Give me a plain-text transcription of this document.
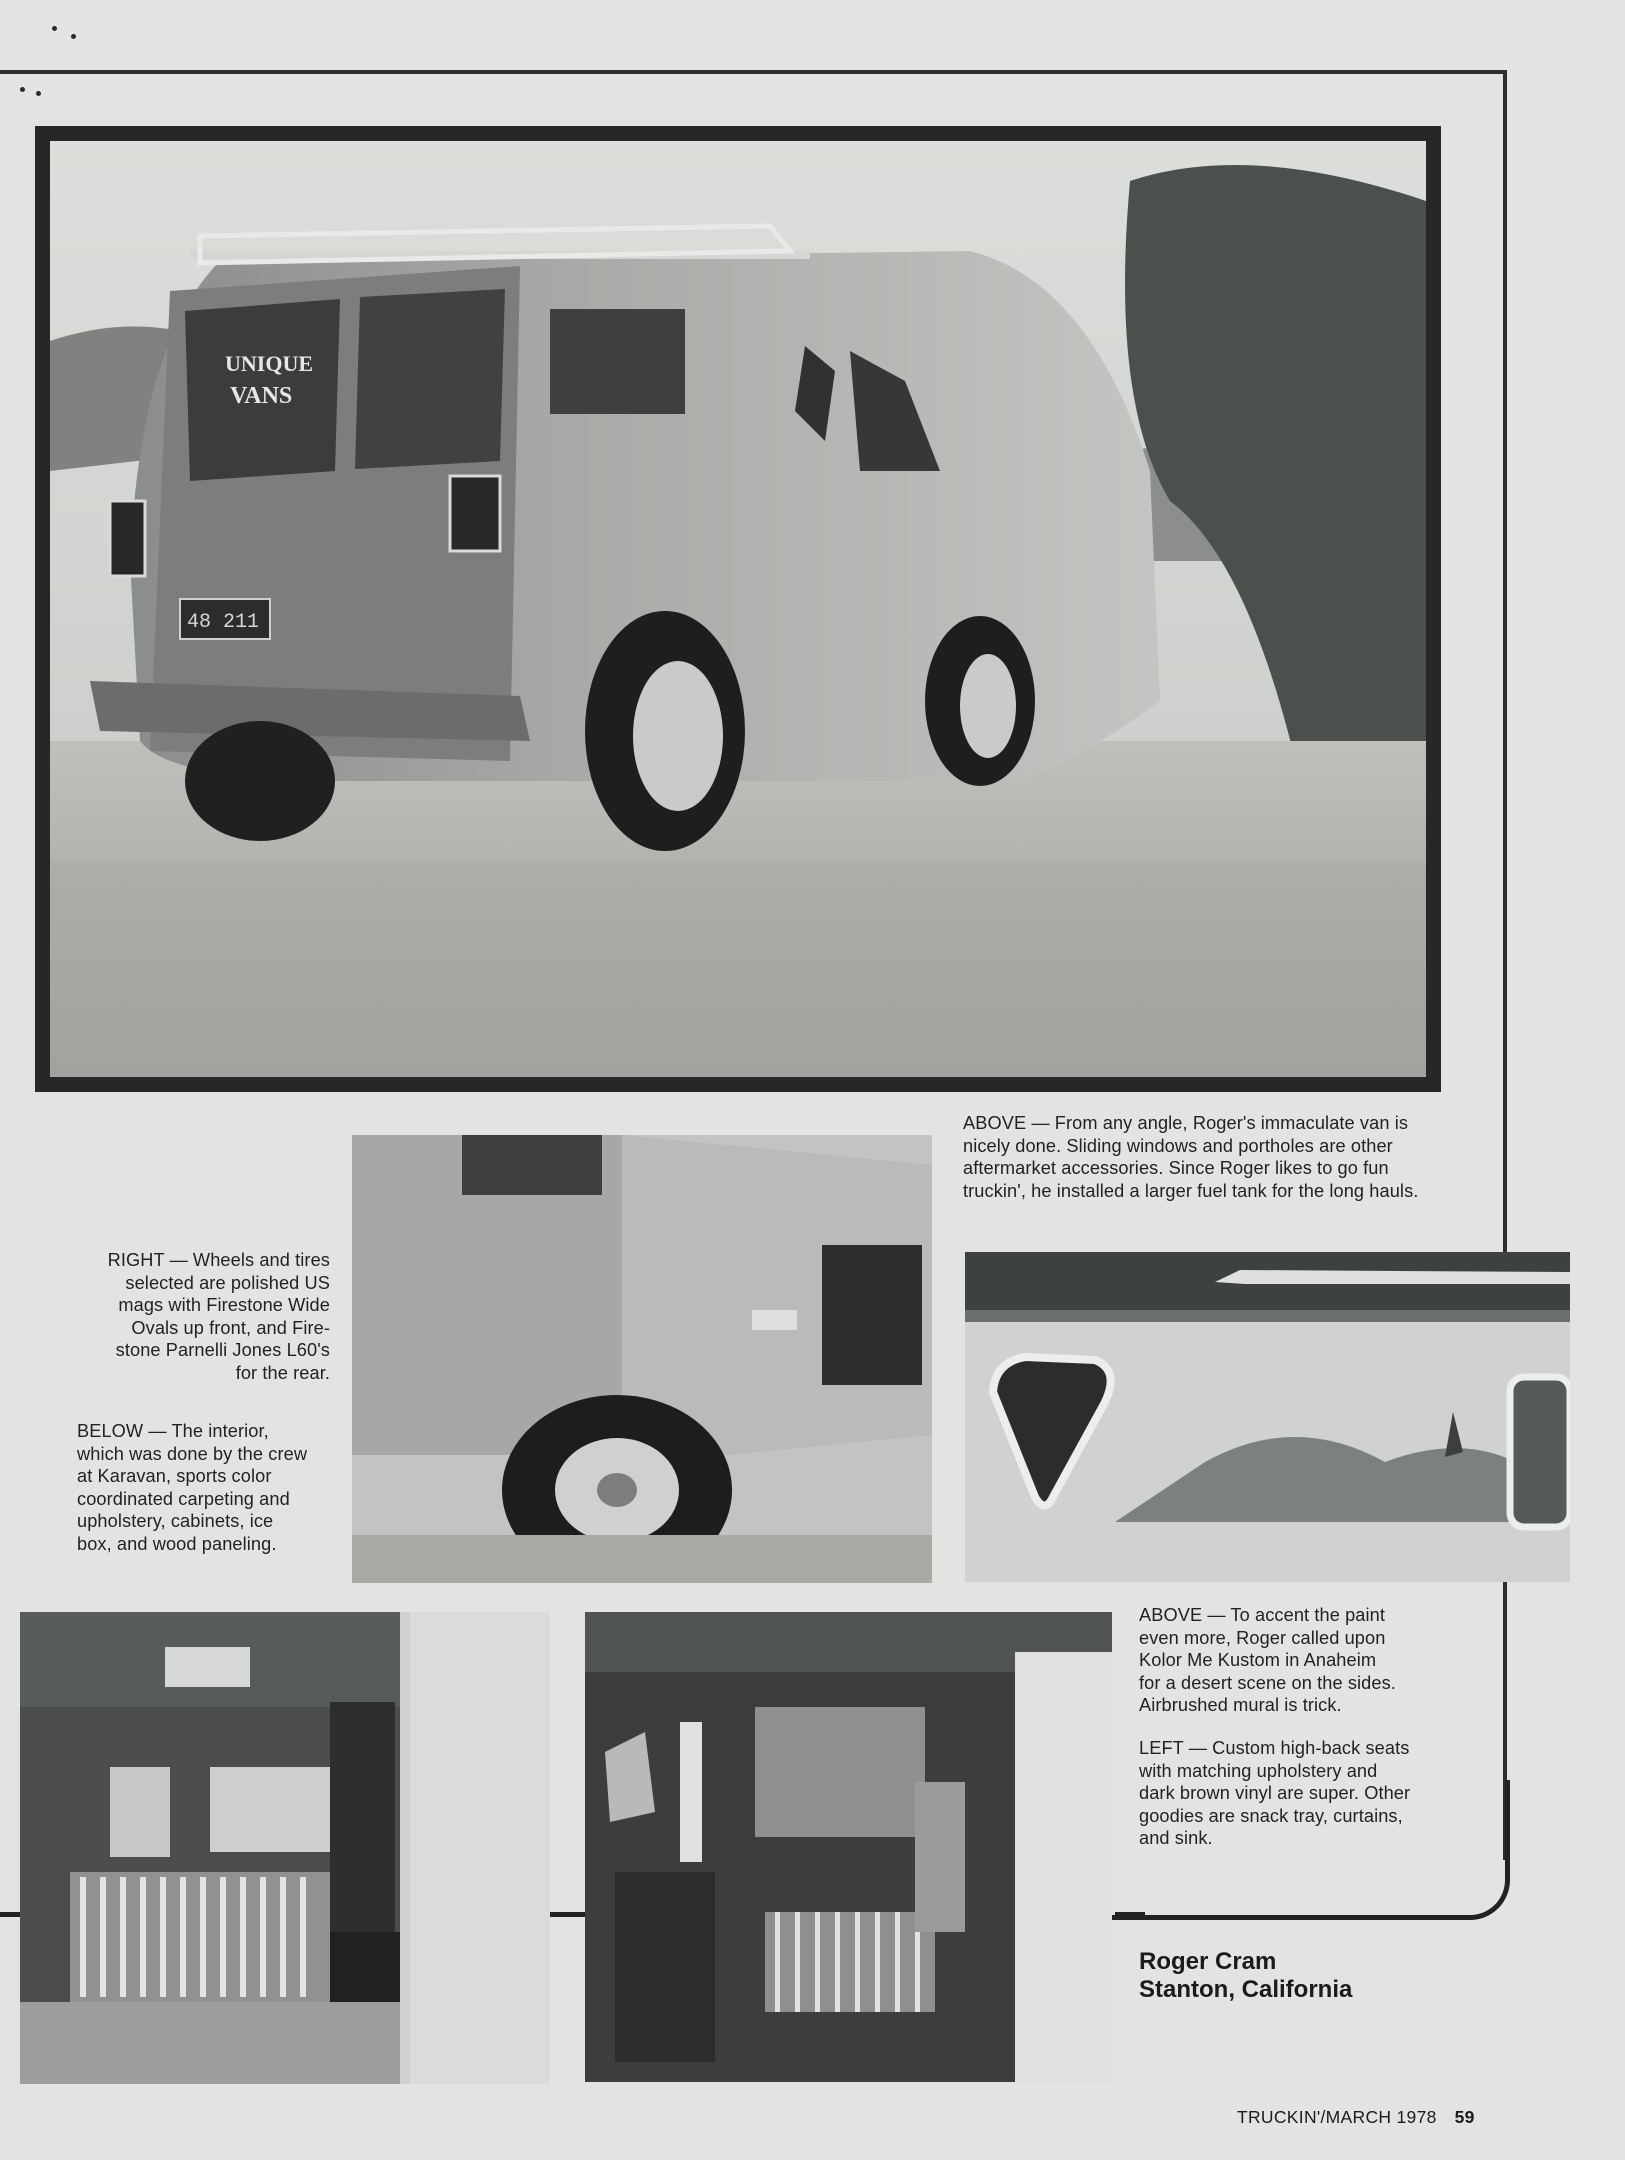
UNIQUE
VANS
48 211

ABOVE — From any angle, Roger's immaculate van is nicely done. Sliding windows and portholes are other aftermarket accessories. Since Roger likes to go fun truckin', he installed a larger fuel tank for the long hauls.

RIGHT — Wheels and tires

selected are polished US

mags with Firestone Wide

Ovals up front, and Fire-

stone Parnelli Jones L60's

for the rear.

BELOW — The interior,

which was done by the crew

at Karavan, sports color

coordinated carpeting and

upholstery, cabinets, ice

box, and wood paneling.

ABOVE — To accent the paint

even more, Roger called upon

Kolor Me Kustom in Anaheim

for a desert scene on the sides.

Airbrushed mural is trick.

LEFT — Custom high-back seats

with matching upholstery and

dark brown vinyl are super. Other

goodies are snack tray, curtains,

and sink.

Roger Cram
Stanton, California
TRUCKIN'/MARCH 1978 59
